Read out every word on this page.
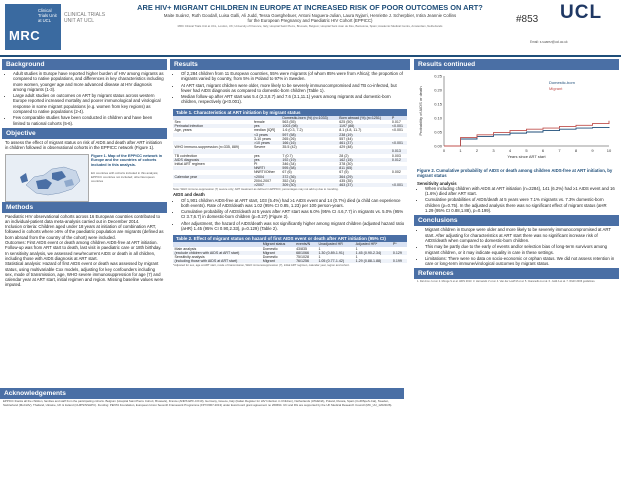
Clinical Trials Unit at UCL
MRC
CLINICAL TRIALS UNIT AT UCL
ARE HIV+ MIGRANT CHILDREN IN EUROPE AT INCREASED RISK OF POOR OUTCOMES ON ART?
Maite Suárez, Ruth Goodall, Luisa Galli, Ali Judd, Tessa Goetghebuer, Antoni Noguera-Julian, Laura Nyjarri, Henriette J. Scherpbier, Intira Jeannie Collins
for the European Pregnancy and Paediatric HIV Cohort (EPPICC)
MRC Clinical Trials Unit at UCL, London, UK; University of Florence, Italy; Hospital Saint Pierre, Brussels, Belgium; Hospital Sant Joan de Déu, Barcelona, Spain; Academic Medical Centre, Amsterdam, Netherlands
#853 UCL
Email: s.suarez@ucl.ac.uk
Background
• Adult studies in Europe have reported higher burden of HIV among migrants as compared to native populations, and differences in key characteristics including more women, younger age and more advanced disease at HIV diagnosis among migrants (1-3).
• Large adult studies on outcomes on ART by migrant status across western Europe reported increased mortality and poorer immunological and virological response in some migrant populations (e.g. women from key regions) as compared to native populations (2-4).
• Few comparable studies have been conducted in children and have been limited to national cohorts (5-6).
Objective
To assess the effect of migrant status on risk of AIDS and death after ART initiation in children followed in observational cohorts in the EPPICC network (Figure 1).
Figure 1. Map of the EPPICC network in Europe and the countries of cohorts included in this analysis.
EU countries with cohorts included in this analysis; EPPICC countries not included; other European countries
Methods
Paediatric HIV observational cohorts across 16 European countries contributed to an individual-patient data meta-analysis carried out in December 2014.
Inclusion criteria: Children aged under 18 years at initiation of combination ART, followed in cohorts where ≥5% of the paediatric population are migrants (defined as born abroad from the country of the cohort) were included.
Outcomes: First AIDS event or death among children AIDS-free at ART initiation. Follow-up was from ART start to death, last visit in paediatric care or 18th birthday. In sensitivity analysis, we assessed new/recurrent AIDS or death in all children, including those with AIDS diagnosis at ART start.
Statistical analysis: Hazard of first AIDS event or death was assessed by migrant status, using multivariable Cox models, adjusting for key confounders including sex, mode of transmission, age, WHO severe immunosuppression for age (7) and calendar year at ART start, initial regimen and region. Missing baseline values were imputed.
Results
• Of 2,284 children from 11 European countries, 55% were migrants (of whom 85% were from Africa); the proportion of migrants varied by country, from 5% in Poland to 97% in Sweden.
• At ART start, migrant children were older, more likely to be severely immunocompromised and TB co-infected, but fewer had AIDS diagnosis as compared to domestic-born children (Table 1).
• Median follow-up after ART start was 5.4 (2.3,8.7) and 7.6 (3.1,11.1) years among migrants and domestic-born children, respectively (p<0.001).
Table 1. Characteristics at ART initiation by migrant status
		Domestic-born (%) (n=1033)	Born abroad (%) (n=1251)	P
Sex	female	563 (55)	625 (50)	0.017
Perinatal infection	yes	1003 (98)	1197 (88)	<0.001
Age, years	median [IQR]	1.6 (0.3, 7.2)	8.1 (4.8, 11.7)	<0.001
	<3 years	597 (58)	238 (19)	
	3-10 years	265 (26)	557 (44)	
	>10 years	166 (16)	461 (37)	<0.001
WHO immuno-suppression (n=335, 889)	Severe	35.5 (42)	429 (48)	
				0.013
TB coinfection	yes	7 (0.7)	28 (2)	0.003
AIDS diagnosis	yes	192 (19)	162 (15)	0.012
Initial ART regimen	PI	346 (34)	378 (30)	
	NNRTI	595 (58)	811 (65)	
	NNRTI/Other	67 (6)	67 (5)	0.002
Calendar year	<2004	372 (36)	364 (29)	
	2004-2007	352 (34)	435 (35)	
	>2007	309 (30)	463 (37)	<0.001
Note: WHO immuno-suppression (7) severe only; ART treatment as defined in EPPICC; percentages may not add up due to rounding.
AIDS and death
• Of 1,901 children AIDS-free at ART start, 103 (5.4%) had ≥1 AIDS event and 14 (0.7%) died (a child can experience both events). Rate of AIDS/death was 1.02 (95% CI 0.85, 1.23) per 100 person-years.
• Cumulative probability of AIDS/death at 5 years after ART start was 6.0% (95% CI 4.6,7.7) in migrants vs. 5.0% (95% CI 3.7,6.7) in domestic-born children (p=0.27) (Figure 2).
• After adjustment, the hazard of AIDS/death was not significantly higher among migrant children (adjusted hazard ratio (aHR) 1.45 (95% CI 0.90,2.33), p=0.129) (Table 2).
Table 2. Effect of migrant status on hazard of first AIDS event or death after ART initiation (95% CI)
	Migrant status	events/N	Unadjusted HR	Adjusted HR*	P*
Main analysis	Domestic	43/835	1	1	
(exclude children with AIDS at ART start)	Migrant	68/1066	1.30 (0.89-1.91)	1.45 (0.90-2.34)	0.129
Sensitivity analysis	Domestic	75/1028	1	1	
(including those with AIDS at ART start)	Migrant	76/1256	1.05 (0.77-1.42)	1.29 (0.88-1.88)	0.199
*Adjusted for sex, age at ART start, mode of transmission, WHO immunosuppression (7), initial ART regimen, calendar year, region and cohort.
Results continued
0.00
0.05
0.10
0.15
0.20
0.25
0	1	2	3	4	5	6	7	8	9	10
Probability of AIDS or death
Years since ART start
Domestic-born
Migrant
Figure 2. Cumulative probability of AIDS or death among children AIDS-free at ART initiation, by migrant status
Sensitivity analysis
• When including children with AIDS at ART initiation (n=2284), 141 (6.2%) had ≥1 AIDS event and 16 (1.6%) died after ART start.
• Cumulative probabilities of AIDS/death at 5 years were 7.1% migrants vs. 7.3% domestic-born children (p=0.75). In the adjusted analysis there was no significant effect of migrant status (aHR 1.29 (95% CI 0.88,1.88), p=0.199).
Conclusions
• Migrant children in Europe were older and more likely to be severely immunocompromised at ART start. After adjusting for characteristics at ART start there was no significant increase risk of AIDS/death when compared to domestic-born children.
• This may be partly due to the early of events and/or selection bias of long-term survivors among migrant children, or it may indicate equality in care in these settings.
• Limitations: There were no data on socio-economic or orphan status. We did not assess retention in care or long-term immune/virological outcomes by migrant status.
References
1. Del Amo J et al. 2. Monge S et al. AIDS 2013. 3. Hernando V et al. 4. Van der Loeff M et al. 5. Ciaranello A et al. 6. Judd A et al. 7. WHO 2006 guidelines.
Acknowledgements
EPPICC thanks all the children, families and staff from the participating cohorts. Belgium (Hospital Saint Pierre Cohort, Brussels), France (ANRS EPF-CO10), Germany, Greece, Italy (Italian Register for HIV Infection in Children), Netherlands (ATHENA), Poland, Russia, Spain (CoRISpeS-Cat), Sweden, Switzerland (MoCHiV), Thailand, Ukraine, UK & Ireland (CHIPS/NSHPC). Funding: PENTA Foundation, European Union Seventh Framework Programme (FP7/2007-2013) under EuroCoord grant agreement no 260694. IJC and RG are supported by the UK Medical Research Council (MC_UU_12023/26).
